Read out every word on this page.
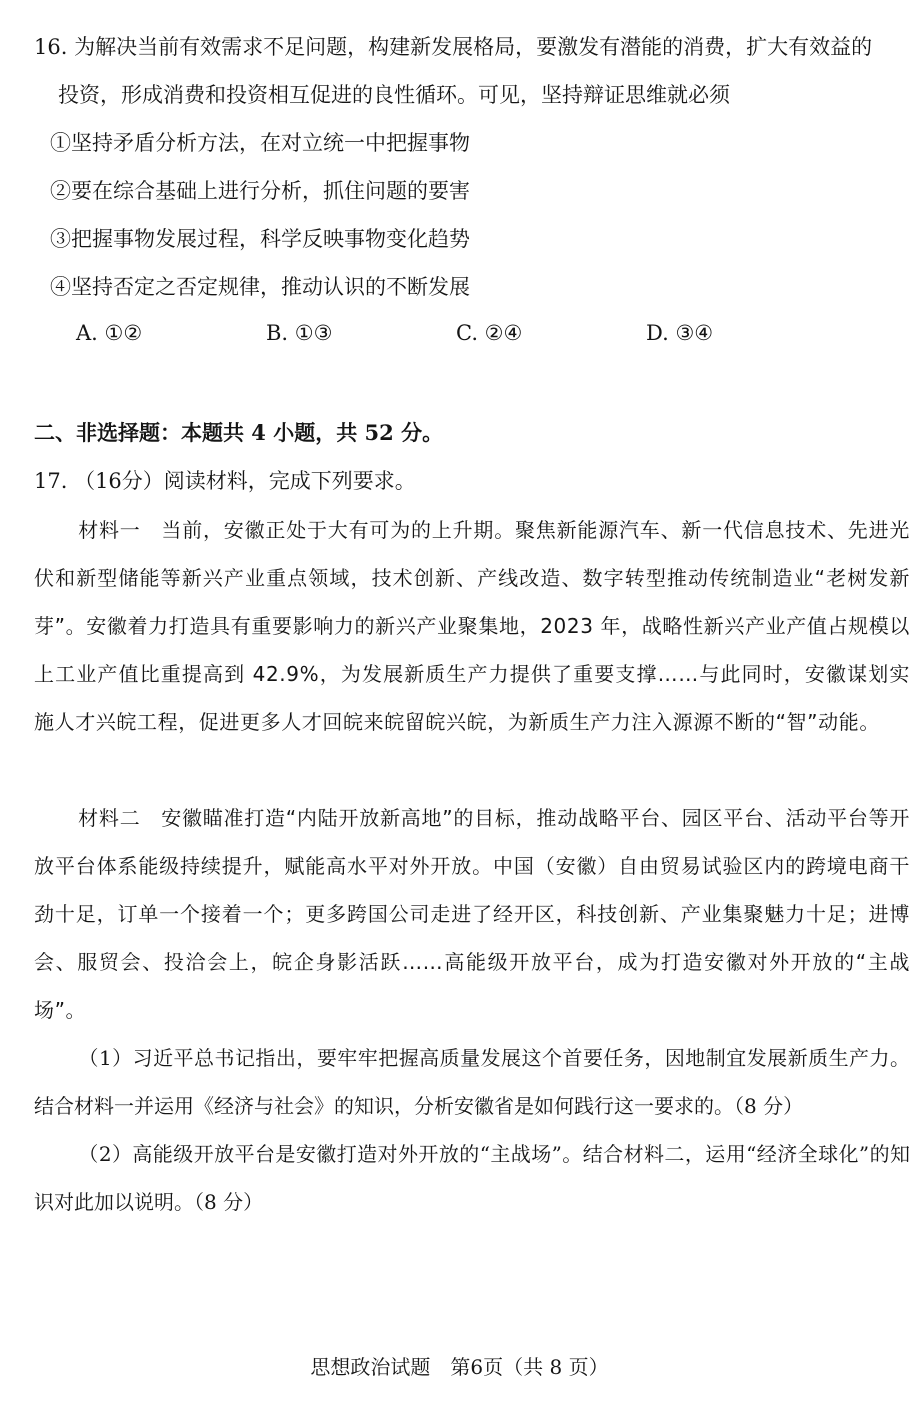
16. 为解决当前有效需求不足问题，构建新发展格局，要激发有潜能的消费，扩大有效益的
投资，形成消费和投资相互促进的良性循环。可见，坚持辩证思维就必须
①坚持矛盾分析方法，在对立统一中把握事物
②要在综合基础上进行分析，抓住问题的要害
③把握事物发展过程，科学反映事物变化趋势
④坚持否定之否定规律，推动认识的不断发展
A. ①②	B. ①③	C. ②④	D. ③④
二、非选择题：本题共 4 小题，共 52 分。
17. （16分）阅读材料，完成下列要求。
材料一　当前，安徽正处于大有可为的上升期。聚焦新能源汽车、新一代信息技术、先进光伏和新型储能等新兴产业重点领域，技术创新、产线改造、数字转型推动传统制造业“老树发新芽”。安徽着力打造具有重要影响力的新兴产业聚集地，2023 年，战略性新兴产业产值占规模以上工业产值比重提高到 42.9%，为发展新质生产力提供了重要支撑……与此同时，安徽谋划实施人才兴皖工程，促进更多人才回皖来皖留皖兴皖，为新质生产力注入源源不断的“智”动能。
材料二　安徽瞄准打造“内陆开放新高地”的目标，推动战略平台、园区平台、活动平台等开放平台体系能级持续提升，赋能高水平对外开放。中国（安徽）自由贸易试验区内的跨境电商干劲十足，订单一个接着一个；更多跨国公司走进了经开区，科技创新、产业集聚魅力十足；进博会、服贸会、投洽会上，皖企身影活跃……高能级开放平台，成为打造安徽对外开放的“主战场”。
（1）习近平总书记指出，要牢牢把握高质量发展这个首要任务，因地制宜发展新质生产力。结合材料一并运用《经济与社会》的知识，分析安徽省是如何践行这一要求的。（8 分）
（2）高能级开放平台是安徽打造对外开放的“主战场”。结合材料二，运用“经济全球化”的知识对此加以说明。（8 分）
思想政治试题　第6页（共 8 页）
